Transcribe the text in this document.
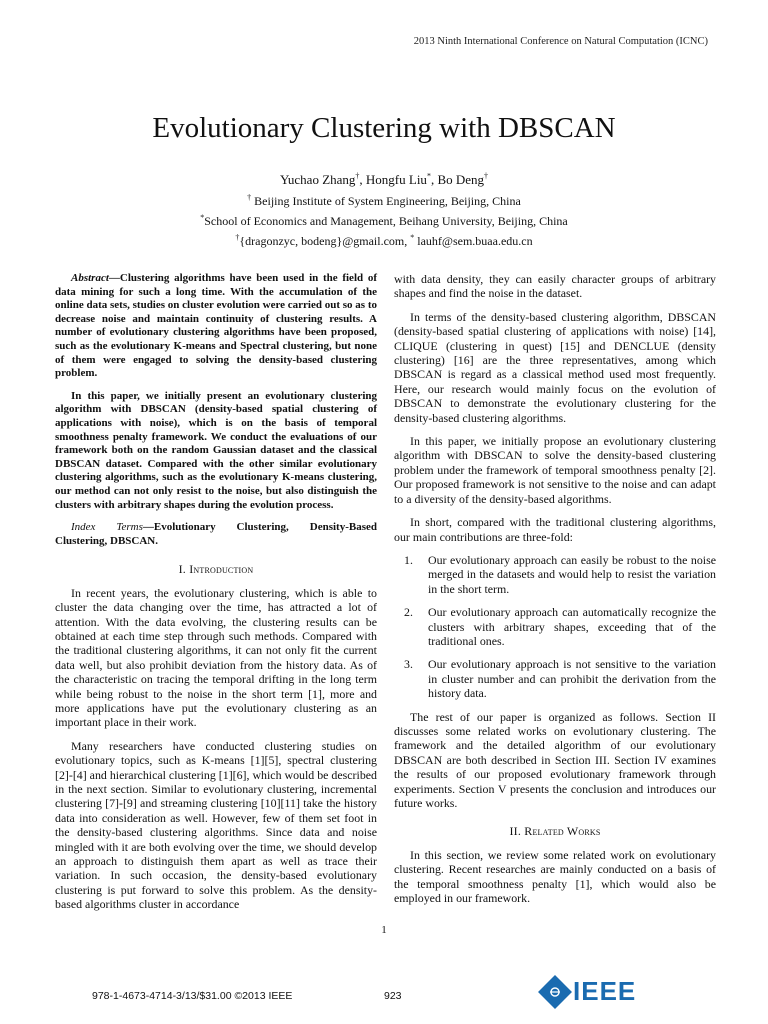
2013 Ninth International Conference on Natural Computation (ICNC)
Evolutionary Clustering with DBSCAN
Yuchao Zhang†, Hongfu Liu*, Bo Deng†
† Beijing Institute of System Engineering, Beijing, China
*School of Economics and Management, Beihang University, Beijing, China
†{dragonzyc, bodeng}@gmail.com, * lauhf@sem.buaa.edu.cn

Abstract—Clustering algorithms have been used in the field of data mining for such a long time. With the accumulation of the online data sets, studies on cluster evolution were carried out so as to decrease noise and maintain continuity of clustering results. A number of evolutionary clustering algorithms have been proposed, such as the evolutionary K-means and Spectral clustering, but none of them were engaged to solving the density-based clustering problem.

In this paper, we initially present an evolutionary clustering algorithm with DBSCAN (density-based spatial clustering of applications with noise), which is on the basis of temporal smoothness penalty framework. We conduct the evaluations of our framework both on the random Gaussian dataset and the classical DBSCAN dataset. Compared with the other similar evolutionary clustering algorithms, such as the evolutionary K-means clustering, our method can not only resist to the noise, but also distinguish the clusters with arbitrary shapes during the evolution process.

Index Terms—Evolutionary Clustering, Density-Based Clustering, DBSCAN.

I. Introduction

In recent years, the evolutionary clustering, which is able to cluster the data changing over the time, has attracted a lot of attention. With the data evolving, the clustering results can be obtained at each time step through such methods. Compared with the traditional clustering algorithms, it can not only fit the current data well, but also prohibit deviation from the history data. As of the characteristic on tracing the temporal drifting in the long term while being robust to the noise in the short term [1], more and more applications have put the evolutionary clustering as an important place in their work.

Many researchers have conducted clustering studies on evolutionary topics, such as K-means [1][5], spectral clustering [2]-[4] and hierarchical clustering [1][6], which would be described in the next section. Similar to evolutionary clustering, incremental clustering [7]-[9] and streaming clustering [10][11] take the history data into consideration as well. However, few of them set foot in the density-based clustering algorithms. Since data and noise mingled with it are both evolving over the time, we should develop an approach to distinguish them apart as well as trace their variation. In such occasion, the density-based evolutionary clustering is put forward to solve this problem. As the density-based algorithms cluster in accordance

with data density, they can easily character groups of arbitrary shapes and find the noise in the dataset.

In terms of the density-based clustering algorithm, DBSCAN (density-based spatial clustering of applications with noise) [14], CLIQUE (clustering in quest) [15] and DENCLUE (density clustering) [16] are the three representatives, among which DBSCAN is regard as a classical method used most frequently. Here, our research would mainly focus on the evolution of DBSCAN to demonstrate the evolutionary clustering for the density-based clustering algorithms.

In this paper, we initially propose an evolutionary clustering algorithm with DBSCAN to solve the density-based clustering problem under the framework of temporal smoothness penalty [2]. Our proposed framework is not sensitive to the noise and can adapt to a diversity of the density-based algorithms.

In short, compared with the traditional clustering algorithms, our main contributions are three-fold:

1.	Our evolutionary approach can easily be robust to the noise merged in the datasets and would help to resist the variation in the short term.
2.	Our evolutionary approach can automatically recognize the clusters with arbitrary shapes, exceeding that of the traditional ones.
3.	Our evolutionary approach is not sensitive to the variation in cluster number and can prohibit the derivation from the history data.

The rest of our paper is organized as follows. Section II discusses some related works on evolutionary clustering. The framework and the detailed algorithm of our evolutionary DBSCAN are both described in Section III. Section IV examines the results of our proposed evolutionary framework through experiments. Section V presents the conclusion and introduces our future works.

II. Related Works

In this section, we review some related work on evolutionary clustering. Recent researches are mainly conducted on a basis of the temporal smoothness penalty [1], which would also be employed in our framework.

1
978-1-4673-4714-3/13/$31.00 ©2013 IEEE	923	IEEE
